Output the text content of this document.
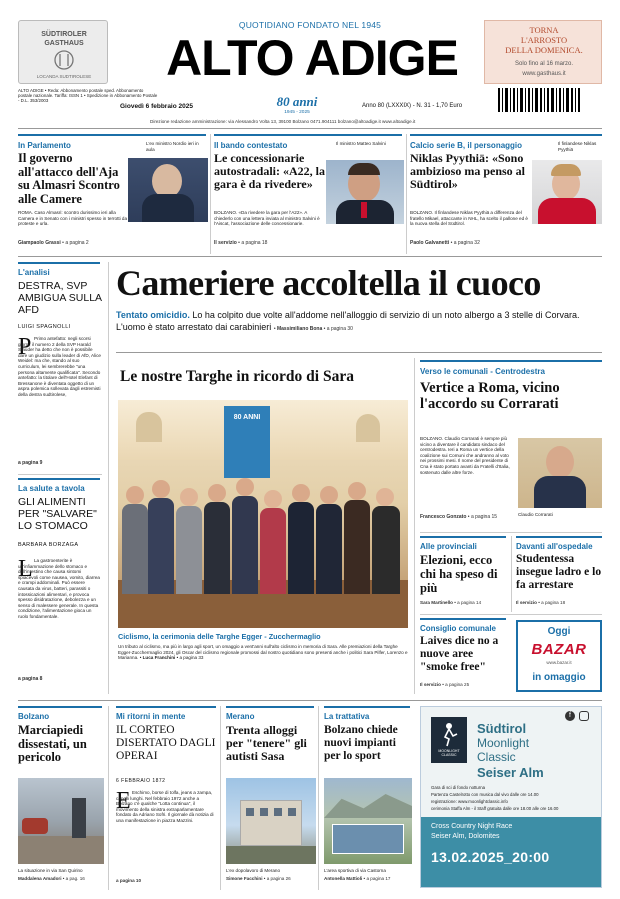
SÜDTIROLER
GASTHAUS
LOCANDA SUDTIROLESE
ALTO ADIGE • Reda: Abbonamento postale sped. Abbonamento postale nazionale. Tariffa: ISSN 1 • Spedizione in Abbonamento Postale - D.L. 353/2003
QUOTIDIANO FONDATO NEL 1945
ALTO ADIGE	TORNA
L'ARROSTO
DELLA DOMENICA.
Solo fino al 16 marzo.
www.gasthaus.it
Giovedì 6 febbraio 2025	80 anni
1945 - 2025
Anno 80 (LXXXIX) - N. 31 - 1,70 Euro
Direzione redazione amministrazione: via Alessandro Volta 13, 39100 Bolzano 0471.904111 bolzano@altoadige.it www.altoadige.it
In Parlamento	L'ex ministro Nordio ieri in aula
Il governo all'attacco dell'Aja su Almasri Scontro alle Camere
ROMA. Caso Almasri: scontro durissimo ieri alla Camera e in Senato con i ministri spesso in terrotti da proteste e urla.
Giampaolo Grassi • a pagina 2
Il bando contestato	Il ministro Matteo Salvini
Le concessionarie autostradali: «A22, la gara è da rivedere»
BOLZANO. «Da rivedere la gara per l'A22». A chiederlo con una lettera inviata al ministro Salvini è l'Aiscat, l'associazione delle concessionarie.
Il servizio • a pagina 18
Calcio serie B, il personaggio	Il finlandese Niklas Pyythiä
Niklas Pyythiä: «Sono ambizioso ma penso al Südtirol»
BOLZANO. Il finlandese Niklas Pyythiä a differenza del fratello Mikael, attaccante in NHL, ha scelto il pallone ed è la nuova stella del Südtirol.
Paolo Galvanetti • a pagina 32
L'analisi
DESTRA, SVP AMBIGUA SULLA AFD
LUIGI SPAGNOLLI
P Primo antefatto: negli scorsi giorni, il numero 2 della SVP Harald Stauder ha detto che non è possibile dare un giudizio sulla leader di AfD, Alice Weidel: ma che, stando al suo curriculum, lei sembrerebbe "una persona altamente qualificata". Secondo antefatto: la titolare dell'Hotel Elefant di Bressanone è diventata oggetto di un aspra polemica sollevata dagli estremisti della destra sudtirolese,
a pagina 9
La salute a tavola
GLI ALIMENTI PER "SALVARE" LO STOMACO
BARBARA BORZAGA
L La gastroenterite è un'infiammazione dello stomaco e dell'intestino che causa sintomi spiacevoli come nausea, vomito, diarrea e crampi addominali. Può essere causata da virus, batteri, parassiti o intossicazioni alimentari, e provoca spesso disidratazione, debolezza e un senso di malessere generale. In questa condizione, l'alimentazione gioca un ruolo fondamentale.
a pagina 8
Cameriere accoltella il cuoco
Tentato omicidio. Lo ha colpito due volte all'addome nell'alloggio di servizio di un noto albergo a 3 stelle di Corvara. L'uomo è stato arrestato dai carabinieri • Massimiliano Bona • a pagina 30
Le nostre Targhe in ricordo di Sara
80 ANNI
Ciclismo, la cerimonia delle Targhe Egger - Zucchermaglio
Un tributo al ciclismo, ma più in largo agli sport, un omaggio a vent'anni sull'alto ciclismo in memoria di Sara. Alle premiazioni della Targhe Egger-Zucchermaglio 2024, gli Oscar del ciclismo regionale promossi dal nostro quotidiano sono presenti anche i politici Sara Pilfer, Lorenzo e Marianna. • Luca Franchini • a pagina 33
Verso le comunali - Centrodestra
Vertice a Roma, vicino l'accordo su Corrarati
BOLZANO. Claudio Corrarati è sempre più vicino a diventare il candidato sindaco del centrodestra. Ieri a Roma un vertice della coalizione sui Comuni che andranno al voto nei prossimi mesi. Il nome del presidente di Cna è stato portato avanti da Fratelli d'Italia, sostenuto dalle altre forze.
Claudio Corrarati
Francesco Gonzato • a pagina 15
Alle provinciali
Elezioni, ecco chi ha speso di più
Sara Martinello • a pagina 14
Davanti all'ospedale
Studentessa insegue ladro e lo fa arrestare
Il servizio • a pagina 18
Consiglio comunale
Laives dice no a nuove aree "smoke free"
Il servizio • a pagina 25
Oggi
BAZAR
www.bazar.it
in omaggio
Bolzano
Marciapiedi dissestati, un pericolo
La situazione in via San Quirino
Maddalena Amadori • a pag. 16
Mi ritorni in mente
IL CORTEO DISERTATO DAGLI OPERAI
6 FEBBRAIO 1872
E Eschimo, borse di tolfa, jeans a zampa, capelli lunghi. Nel febbraio 1972 anche a Bolzano c'è qualche "Lotta continua", il movimento della sinistra extraparlamentare fondato da Adriano Sofri. Il giornale dà notizia di una manifestazione in piazza Mazzini.
a pagina 10
Merano
Trenta alloggi per "tenere" gli autisti Sasa
L'ex dopolavoro di Merano
Simone Facchini • a pagina 26
La trattativa
Bolzano chiede nuovi impianti per lo sport
L'area sportiva di via Castorna
Antonella Mattioli • a pagina 17
f
MOONLIGHT CLASSIC
Südtirol
Moonlight
Classic
Seiser Alm
Gara di sci di fondo notturna
Partenza Castelrotto con musica dal vivo dalle ore 14.00
registrazione: www.moonlightclassic.info
cerimonia Staffa Alm - il Staff gratuita dalle ore 18.00 alle ore 16.00
Cross Country Night Race
Seiser Alm, Dolomites
13.02.2025_20:00
